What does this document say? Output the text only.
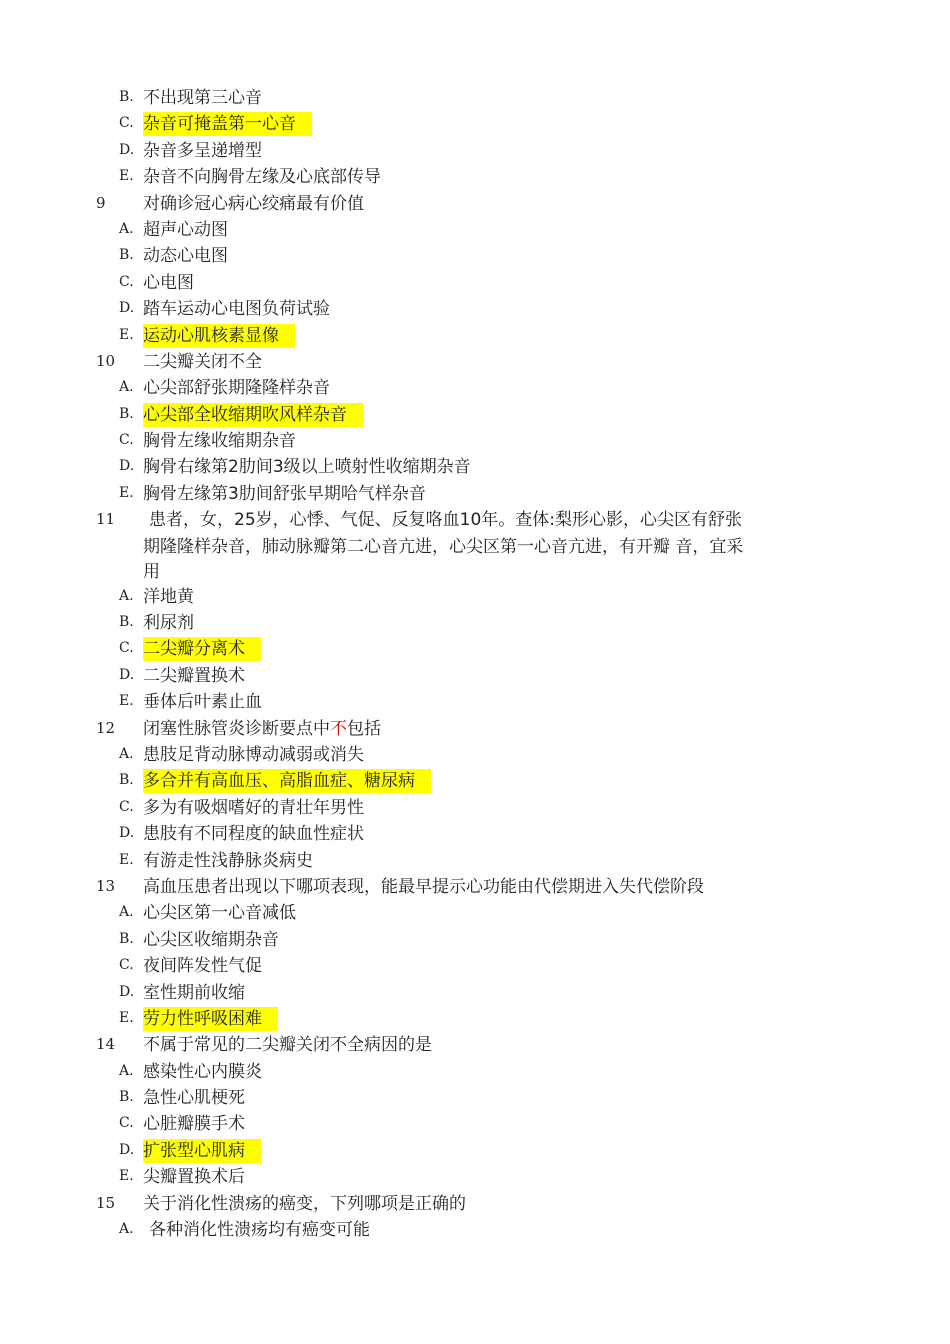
B. 不出现第三心音
C. 杂音可掩盖第一心音
D. 杂音多呈递增型
E. 杂音不向胸骨左缘及心底部传导
9 对确诊冠心病心绞痛最有价值
A. 超声心动图
B. 动态心电图
C. 心电图
D. 踏车运动心电图负荷试验
E. 运动心肌核素显像
10 二尖瓣关闭不全
A. 心尖部舒张期隆隆样杂音
B. 心尖部全收缩期吹风样杂音
C. 胸骨左缘收缩期杂音
D. 胸骨右缘第2肋间3级以上喷射性收缩期杂音
E. 胸骨左缘第3肋间舒张早期哈气样杂音
11 患者，女，25岁，心悸、气促、反复咯血10年。查体:梨形心影，心尖区有舒张
期隆隆样杂音，肺动脉瓣第二心音亢进，心尖区第一心音亢进，有开瓣 音，宜采
用
A. 洋地黄
B. 利尿剂
C. 二尖瓣分离术
D. 二尖瓣置换术
E. 垂体后叶素止血
12 闭塞性脉管炎诊断要点中不包括
A. 患肢足背动脉博动减弱或消失
B. 多合并有高血压、高脂血症、糖尿病
C. 多为有吸烟嗜好的青壮年男性
D. 患肢有不同程度的缺血性症状
E. 有游走性浅静脉炎病史
13 高血压患者出现以下哪项表现，能最早提示心功能由代偿期进入失代偿阶段
A. 心尖区第一心音减低
B. 心尖区收缩期杂音
C. 夜间阵发性气促
D. 室性期前收缩
E. 劳力性呼吸困难
14 不属于常见的二尖瓣关闭不全病因的是
A. 感染性心内膜炎
B. 急性心肌梗死
C. 心脏瓣膜手术
D. 扩张型心肌病
E. 尖瓣置换术后
15 关于消化性溃疡的癌变，下列哪项是正确的
A. 各种消化性溃疡均有癌变可能
